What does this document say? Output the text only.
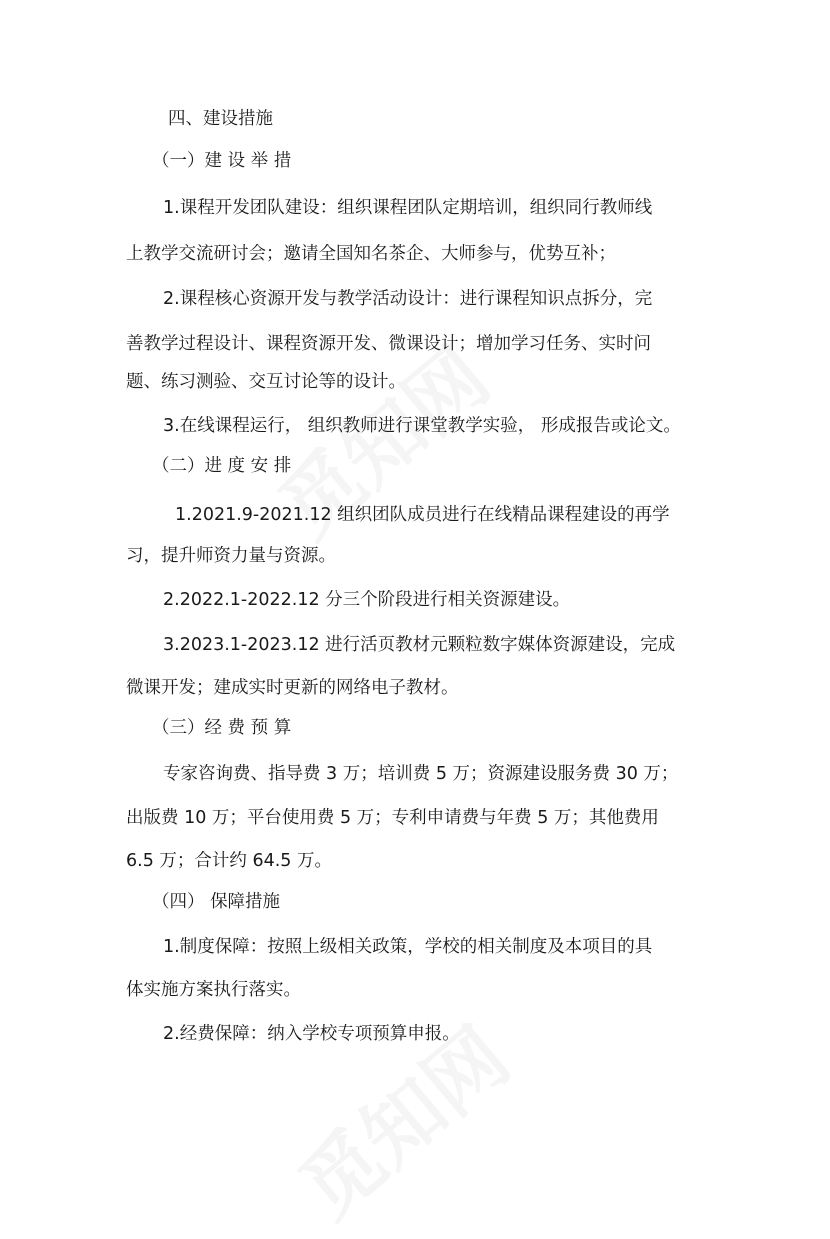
四、建设措施
（一）建 设 举 措
1.课程开发团队建设：组织课程团队定期培训，组织同行教师线
上教学交流研讨会；邀请全国知名茶企、大师参与，优势互补；
2.课程核心资源开发与教学活动设计：进行课程知识点拆分，完
善教学过程设计、课程资源开发、微课设计；增加学习任务、实时问
题、练习测验、交互讨论等的设计。
3.在线课程运行， 组织教师进行课堂教学实验， 形成报告或论文。
（二）进 度 安 排
1.2021.9-2021.12 组织团队成员进行在线精品课程建设的再学
习，提升师资力量与资源。
2.2022.1-2022.12 分三个阶段进行相关资源建设。
3.2023.1-2023.12 进行活页教材元颗粒数字媒体资源建设，完成
微课开发；建成实时更新的网络电子教材。
（三）经 费 预 算
专家咨询费、指导费 3 万；培训费 5 万；资源建设服务费 30 万；
出版费 10 万；平台使用费 5 万；专利申请费与年费 5 万；其他费用
6.5 万；合计约 64.5 万。
（四） 保障措施
1.制度保障：按照上级相关政策，学校的相关制度及本项目的具
体实施方案执行落实。
2.经费保障：纳入学校专项预算申报。
